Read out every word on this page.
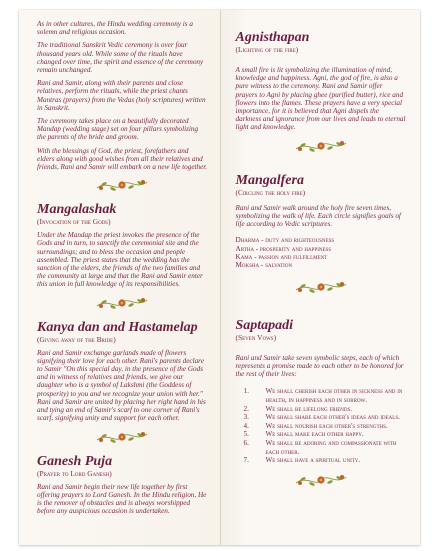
As in other cultures, the Hindu wedding ceremony is a solemn and religious occasion.

The traditional Sanskrit Vedic ceremony is over four thousand years old. While some of the rituals have changed over time, the spirit and essence of the ceremony remain unchanged.

Rani and Samir, along with their parents and close relatives, perform the rituals, while the priest chants Mantras (prayers) from the Vedas (holy scriptures) written in Sanskrit.

The ceremony takes place on a beautifully decorated Mandap (wedding stage) set on four pillars symbolizing the parents of the bride and groom.

With the blessings of God, the priest, forefathers and elders along with good wishes from all their relatives and friends, Rani and Samir will embark on a new life together.

Mangalashak
(Invocation of the Gods)

Under the Mandap the priest invokes the presence of the Gods and in turn, to sanctify the ceremonial site and the surroundings; and to bless the occasion and people assembled. The priest states that the wedding has the sanction of the elders, the friends of the two families and the community at large and that the Rani and Samir enter this union in full knowledge of its responsibilities.

Kanya dan and Hastamelap
(Giving away of the Bride)

Rani and Samir exchange garlands made of flowers signifying their love for each other. Rani's parents declare to Samir "On this special day, in the presence of the Gods and in witness of relatives and friends, we give our daughter who is a symbol of Lakshmi (the Goddess of prosperity) to you and we recognize your union with her." Rani and Samir are united by placing her right hand in his and tying an end of Samir's scarf to one corner of Rani's scarf, signifying unity and support for each other.

Ganesh Puja
(Prayer to Lord Ganesh)

Rani and Samir begin their new life together by first offering prayers to Lord Ganesh. In the Hindu religion, He is the remover of obstacles and is always worshipped before any auspicious occasion is undertaken.

Agnisthapan
(Lighting of the fire)

A small fire is lit symbolizing the illumination of mind, knowledge and happiness. Agni, the god of fire, is also a pure witness to the ceremony. Rani and Samir offer prayers to Agni by placing ghee (purified butter), rice and flowers into the flames. These prayers have a very special importance, for it is believed that Agni dispels the darkness and ignorance from our lives and leads to eternal light and knowledge.

Mangalfera
(Circling the holy fire)

Rani and Samir walk around the holy fire seven times, symbolizing the walk of life. Each circle signifies goals of life according to Vedic scriptures.

Dharma - duty and righteousness
Artha - prosperity and happiness
Kama - passion and fulfillment
Moksha - salvation
Saptapadi
(Seven Vows)

Rani and Samir take seven symbolic steps, each of which represents a promise made to each other to be honored for the rest of their lives:

1.	We shall cherish each other in sickness and in health, in happiness and in sorrow.
2.	We shall be lifelong friends.
3.	We shall share each other's ideas and ideals.
4.	We shall nourish each other's strengths.
5.	We shall make each other happy.
6.	We shall be adoring and compassionate with each other.
7.	We shall have a spiritual unity.
